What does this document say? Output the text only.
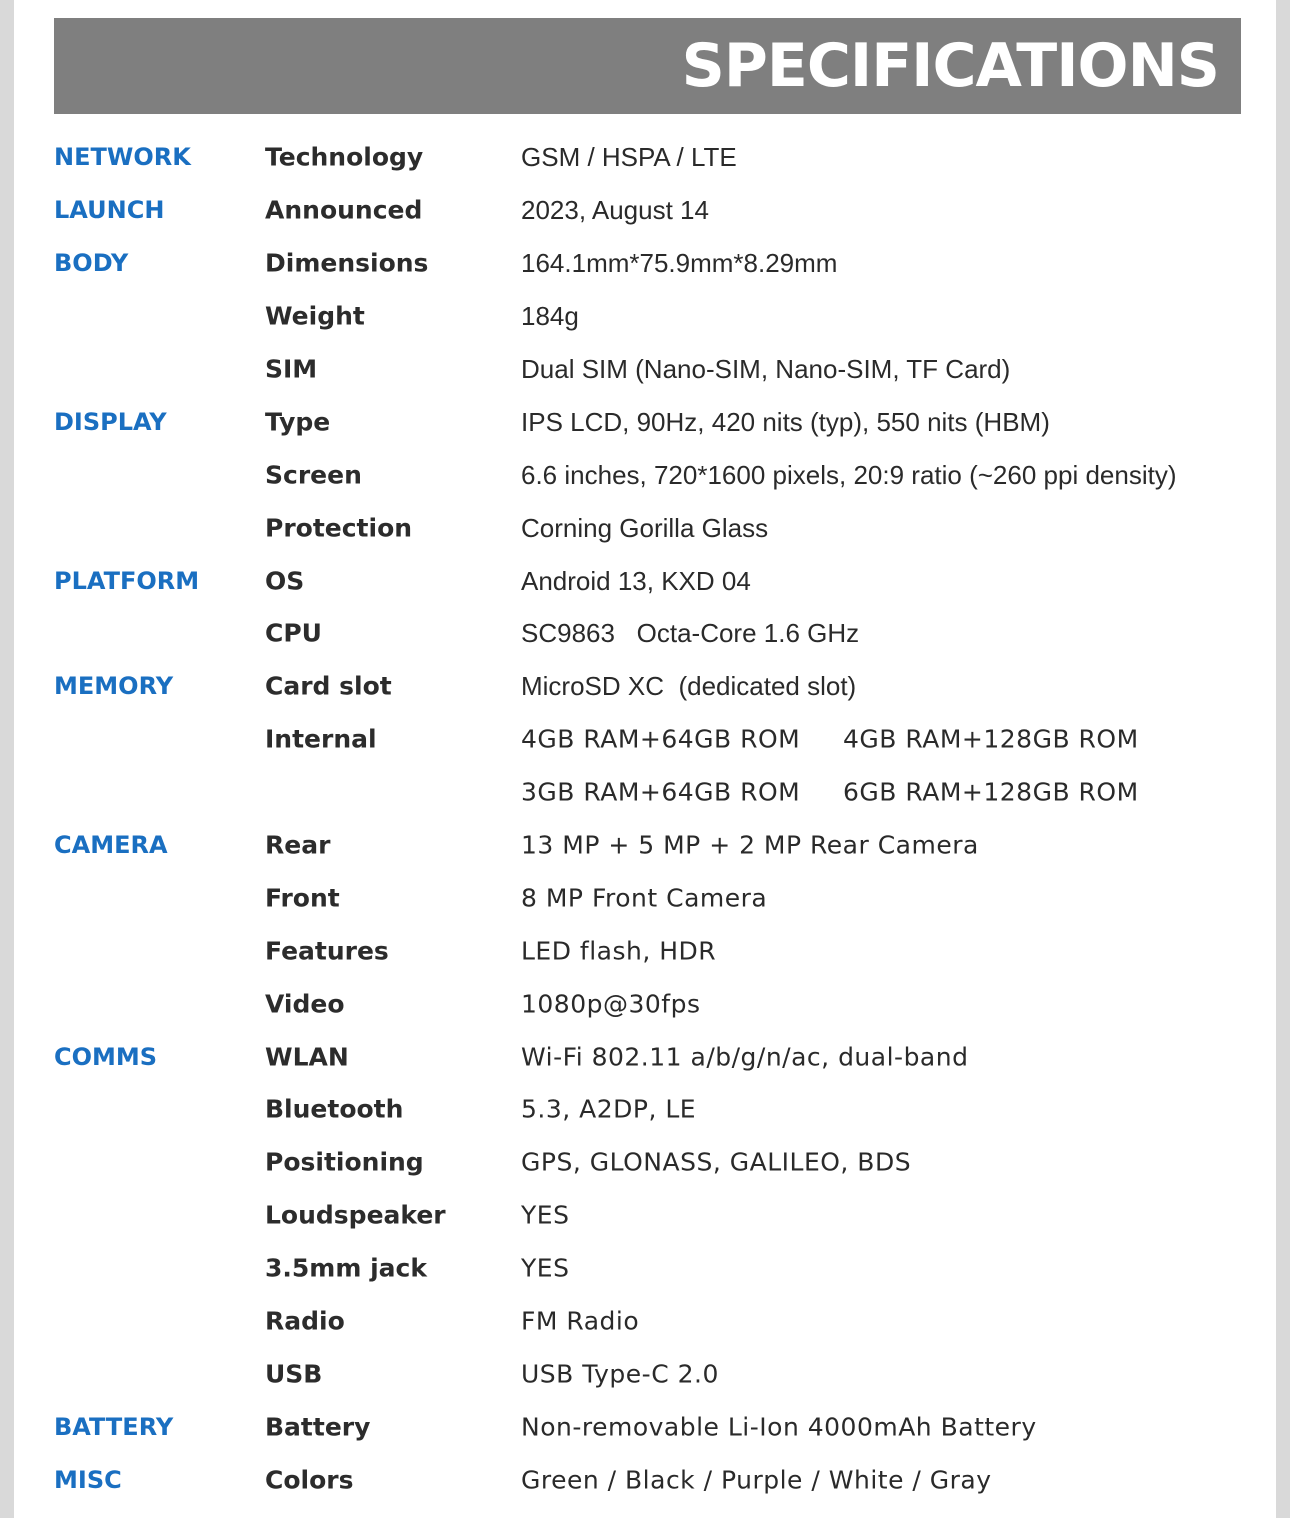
SPECIFICATIONS
NETWORK	Technology	GSM / HSPA / LTE
LAUNCH	Announced	2023, August 14
BODY	Dimensions	164.1mm*75.9mm*8.29mm
Weight	184g
SIM	Dual SIM (Nano-SIM, Nano-SIM, TF Card)
DISPLAY	Type	IPS LCD, 90Hz, 420 nits (typ), 550 nits (HBM)
Screen	6.6 inches, 720*1600 pixels, 20:9 ratio (~260 ppi density)
Protection	Corning Gorilla Glass
PLATFORM	OS	Android 13, KXD 04
CPU	SC9863   Octa-Core 1.6 GHz
MEMORY	Card slot	MicroSD XC  (dedicated slot)
Internal	4GB RAM+64GB ROM 4GB RAM+128GB ROM
3GB RAM+64GB ROM 6GB RAM+128GB ROM
CAMERA	Rear	13 MP + 5 MP + 2 MP Rear Camera
Front	8 MP Front Camera
Features	LED flash, HDR
Video	1080p@30fps
COMMS	WLAN	Wi-Fi 802.11 a/b/g/n/ac, dual-band
Bluetooth	5.3, A2DP, LE
Positioning	GPS, GLONASS, GALILEO, BDS
Loudspeaker	YES
3.5mm jack	YES
Radio	FM Radio
USB	USB Type-C 2.0
BATTERY	Battery	Non-removable Li-Ion 4000mAh Battery
MISC	Colors	Green / Black / Purple / White / Gray
